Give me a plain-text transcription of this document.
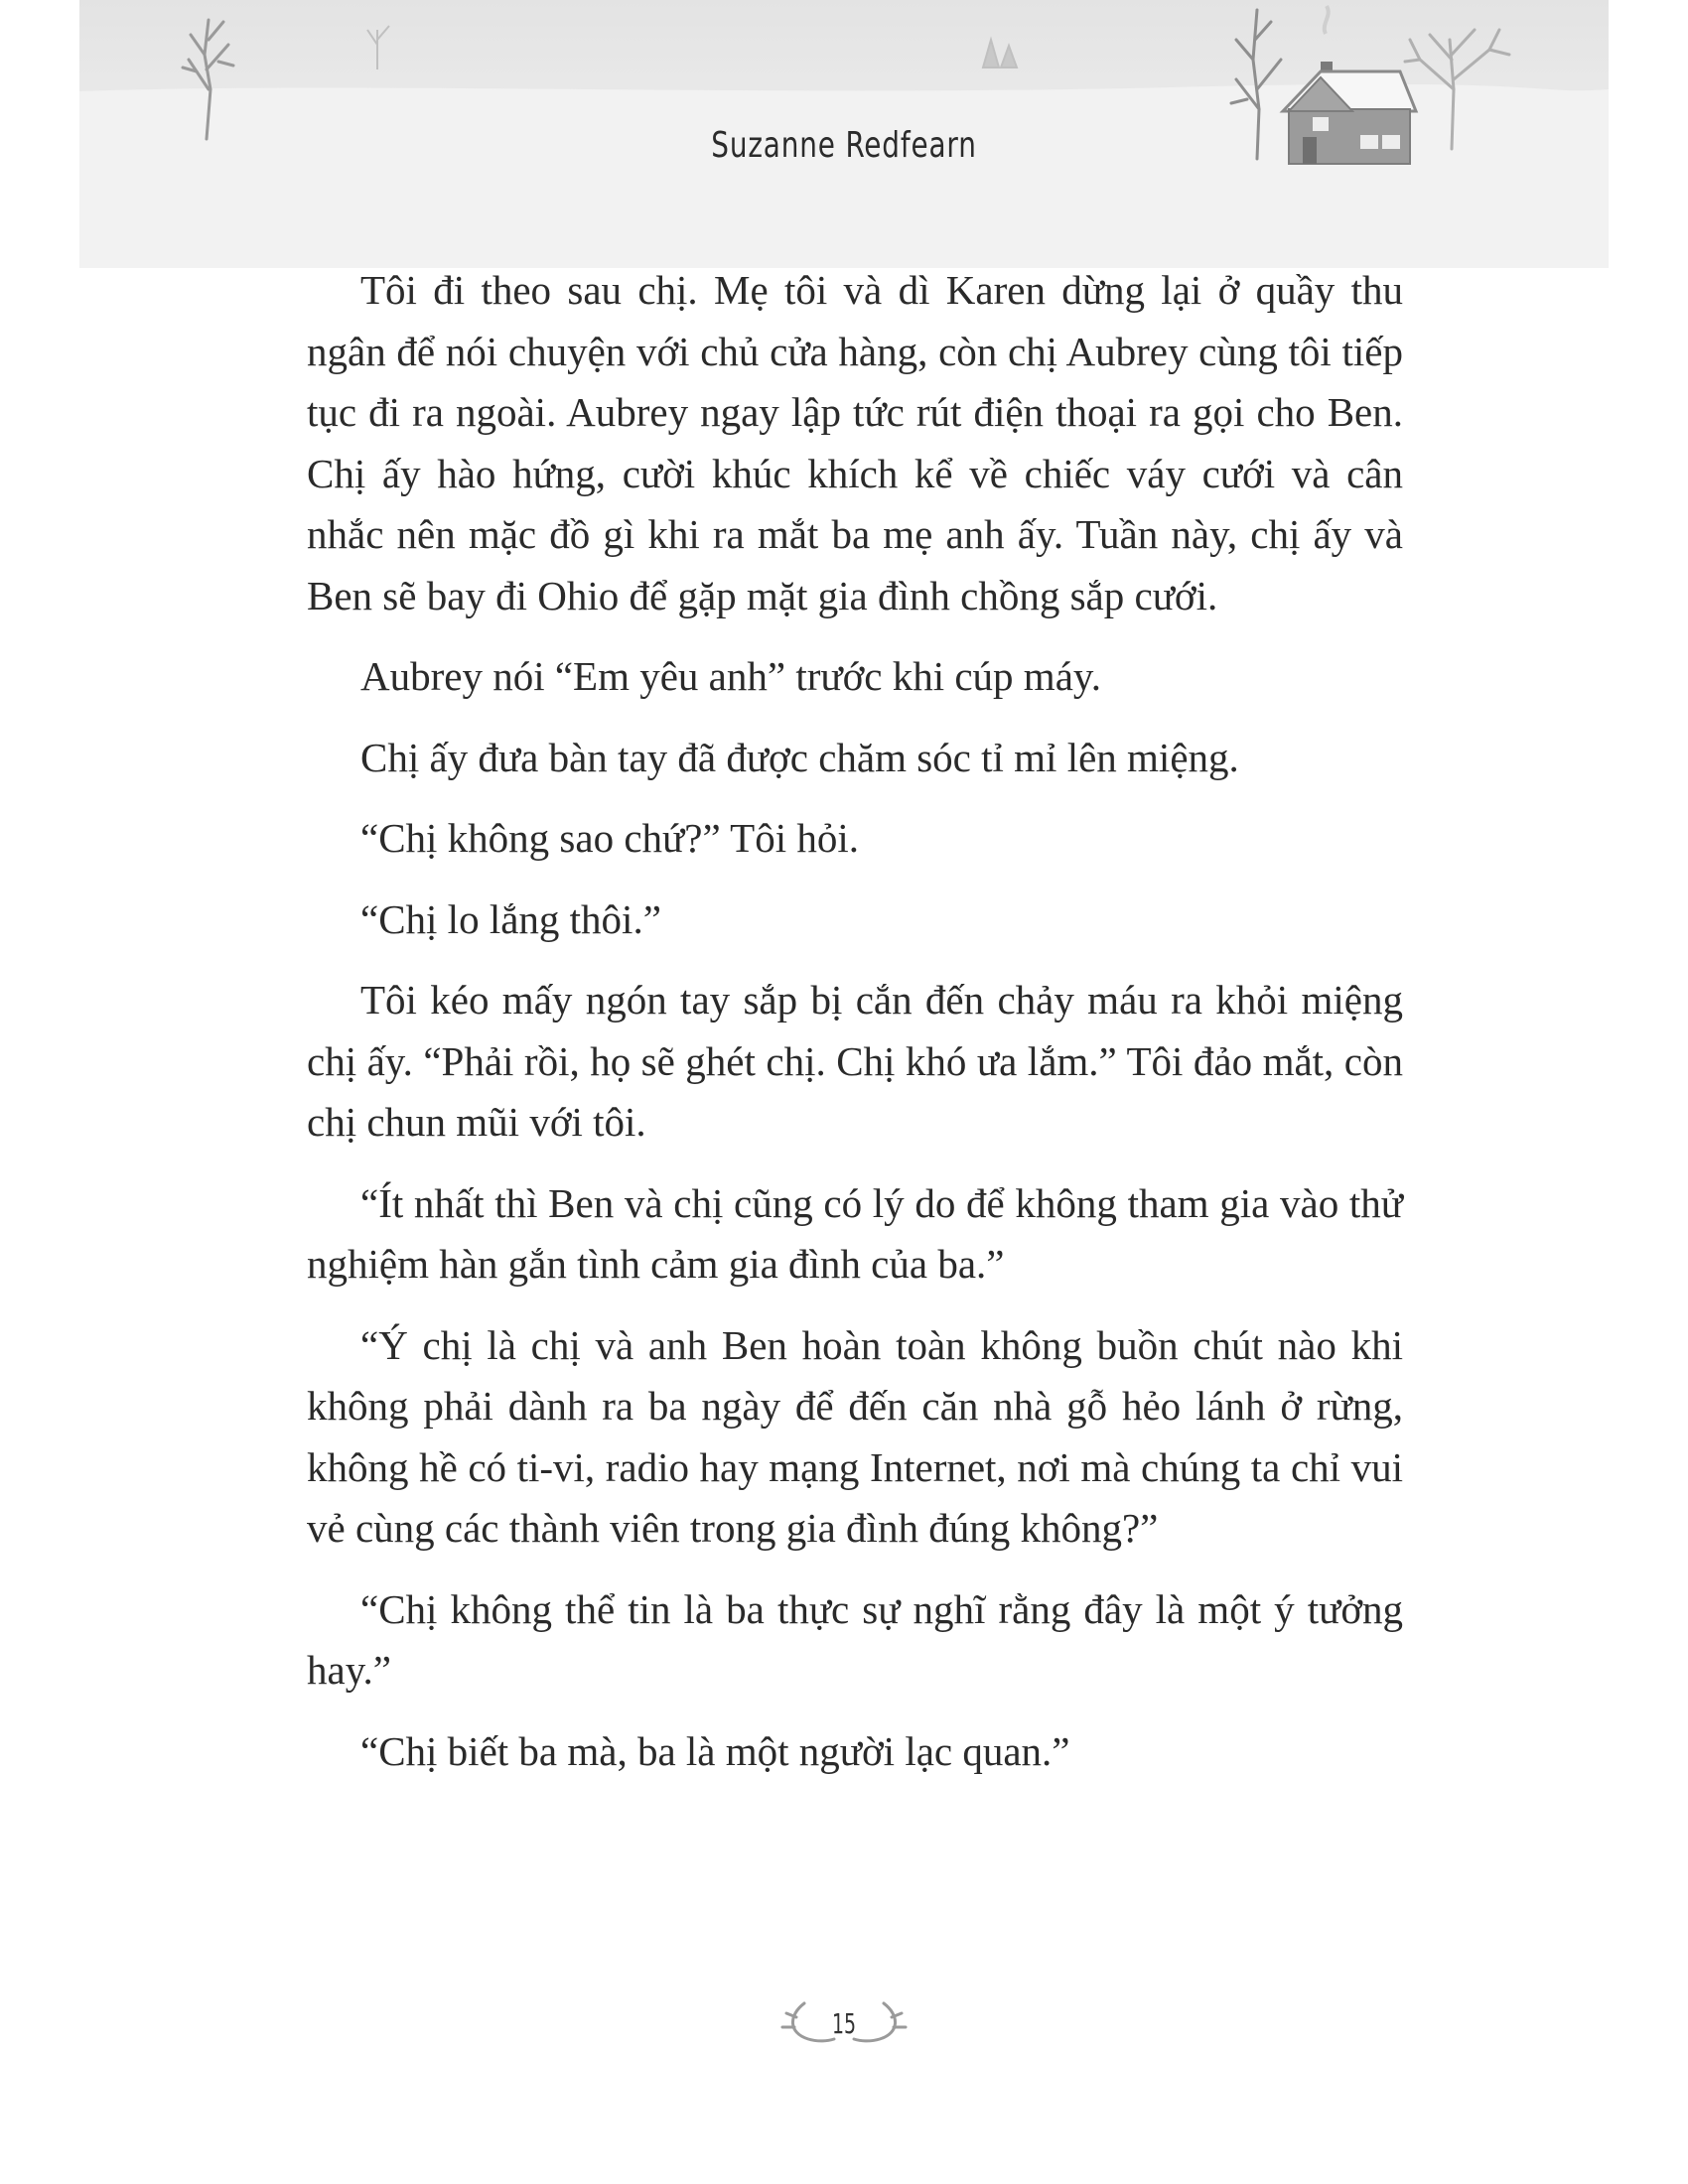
Suzanne Redfearn

Tôi đi theo sau chị. Mẹ tôi và dì Karen dừng lại ở quầy thu ngân để nói chuyện với chủ cửa hàng, còn chị Aubrey cùng tôi tiếp tục đi ra ngoài. Aubrey ngay lập tức rút điện thoại ra gọi cho Ben. Chị ấy hào hứng, cười khúc khích kể về chiếc váy cưới và cân nhắc nên mặc đồ gì khi ra mắt ba mẹ anh ấy. Tuần này, chị ấy và Ben sẽ bay đi Ohio để gặp mặt gia đình chồng sắp cưới.

Aubrey nói “Em yêu anh” trước khi cúp máy.

Chị ấy đưa bàn tay đã được chăm sóc tỉ mỉ lên miệng.

“Chị không sao chứ?” Tôi hỏi.

“Chị lo lắng thôi.”

Tôi kéo mấy ngón tay sắp bị cắn đến chảy máu ra khỏi miệng chị ấy. “Phải rồi, họ sẽ ghét chị. Chị khó ưa lắm.” Tôi đảo mắt, còn chị chun mũi với tôi.

“Ít nhất thì Ben và chị cũng có lý do để không tham gia vào thử nghiệm hàn gắn tình cảm gia đình của ba.”

“Ý chị là chị và anh Ben hoàn toàn không buồn chút nào khi không phải dành ra ba ngày để đến căn nhà gỗ hẻo lánh ở rừng, không hề có ti-vi, radio hay mạng Internet, nơi mà chúng ta chỉ vui vẻ cùng các thành viên trong gia đình đúng không?”

“Chị không thể tin là ba thực sự nghĩ rằng đây là một ý tưởng hay.”

“Chị biết ba mà, ba là một người lạc quan.”

15
